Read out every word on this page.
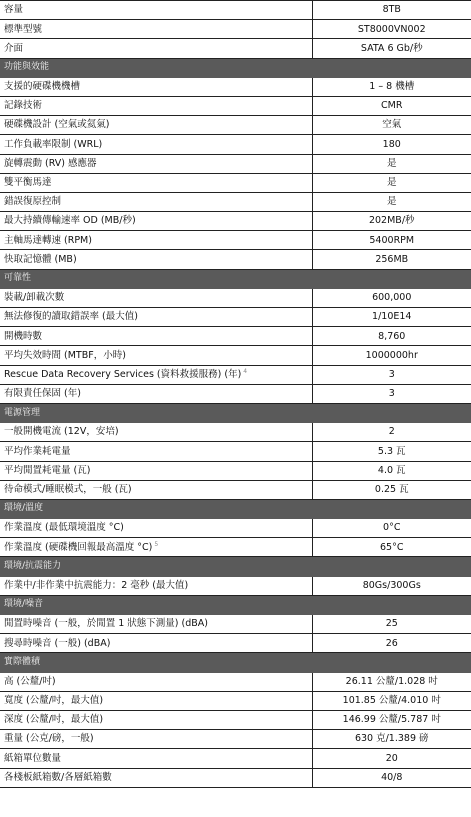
容量	8TB
標準型號	ST8000VN002
介面	SATA 6 Gb/秒
功能與效能	
支援的硬碟機機槽	1 – 8 機槽
記錄技術	CMR
硬碟機設計 (空氣或氦氣)	空氣
工作負載率限制 (WRL)	180
旋轉震動 (RV) 感應器	是
雙平衡馬達	是
錯誤復原控制	是
最大持續傳輸速率 OD (MB/秒)	202MB/秒
主軸馬達轉速 (RPM)	5400RPM
快取記憶體 (MB)	256MB
可靠性	
裝載/卸載次數	600,000
無法修復的讀取錯誤率 (最大值)	1/10E14
開機時數	8,760
平均失效時間 (MTBF，小時)	1000000hr
Rescue Data Recovery Services (資料救援服務) (年) $^4$	3
有限責任保固 (年)	3
電源管理	
一般開機電流 (12V，安培)	2
平均作業耗電量	5.3 瓦
平均閒置耗電量 (瓦)	4.0 瓦
待命模式/睡眠模式，一般 (瓦)	0.25 瓦
環境/溫度	
作業溫度 (最低環境溫度 °C)	0°C
作業溫度 (硬碟機回報最高溫度 °C) $^5$	65°C
環境/抗震能力	
作業中/非作業中抗震能力：2 毫秒 (最大值)	80Gs/300Gs
環境/噪音	
閒置時噪音 (一般，於閒置 1 狀態下測量) (dBA)	25
搜尋時噪音 (一般) (dBA)	26
實際體積	
高 (公釐/吋)	26.11 公釐/1.028 吋
寬度 (公釐/吋，最大值)	101.85 公釐/4.010 吋
深度 (公釐/吋，最大值)	146.99 公釐/5.787 吋
重量 (公克/磅，一般)	630 克/1.389 磅
紙箱單位數量	20
各棧板紙箱數/各層紙箱數	40/8
